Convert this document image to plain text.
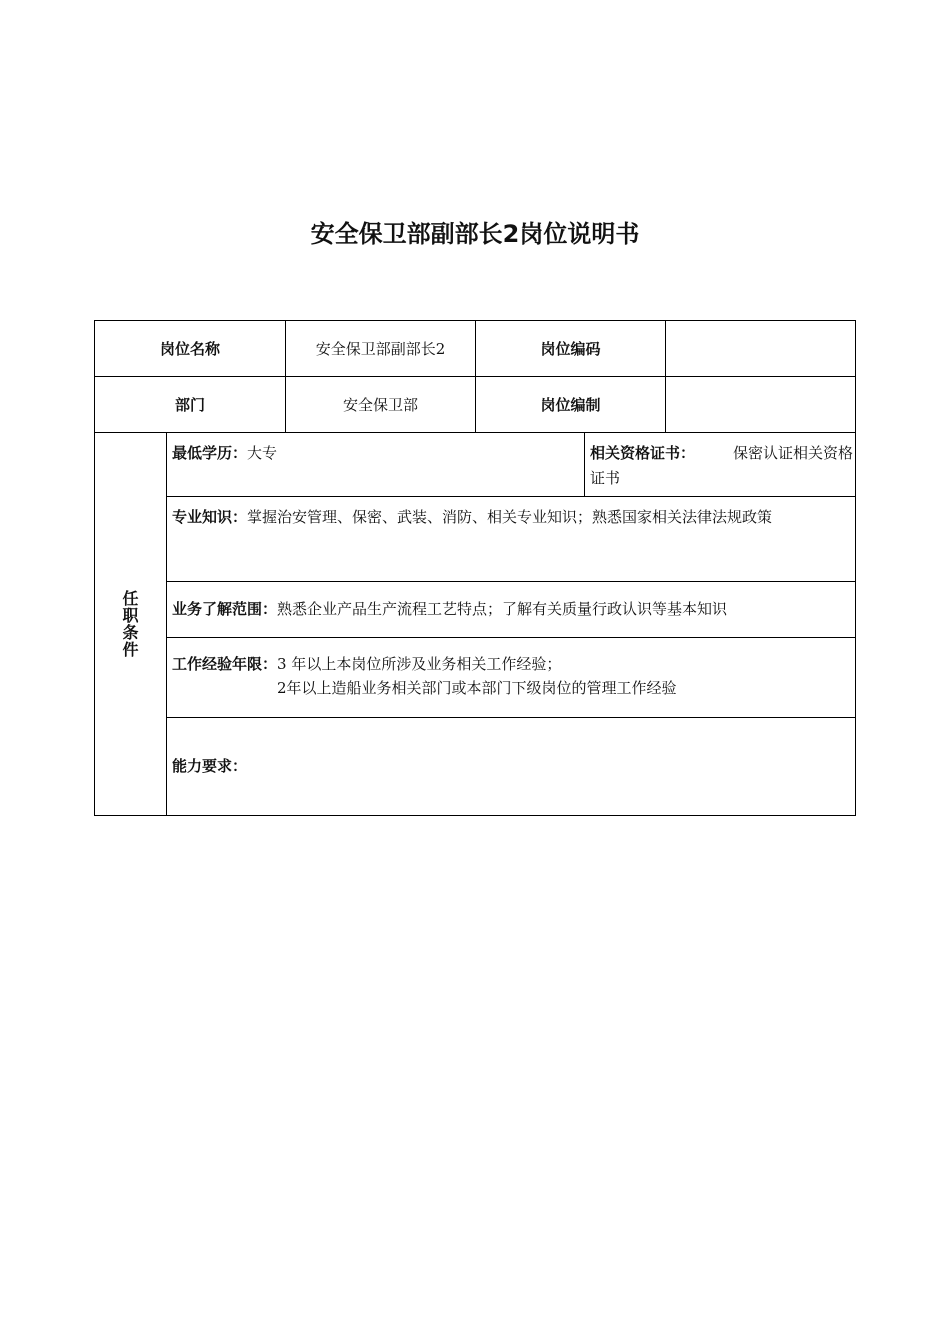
安全保卫部副部长2岗位说明书
岗位名称	安全保卫部副部长2	岗位编码
部门	安全保卫部	岗位编制
任
职
条
件
最低学历：大专	相关资格证书：	保密认证相关资格
证书
专业知识：掌握治安管理、保密、武装、消防、相关专业知识；熟悉国家相关法律法规政策
业务了解范围： 熟悉企业产品生产流程工艺特点；了解有关质量行政认识等基本知识
工作经验年限： 3 年以上本岗位所涉及业务相关工作经验；
2年以上造船业务相关部门或本部门下级岗位的管理工作经验
能力要求：
